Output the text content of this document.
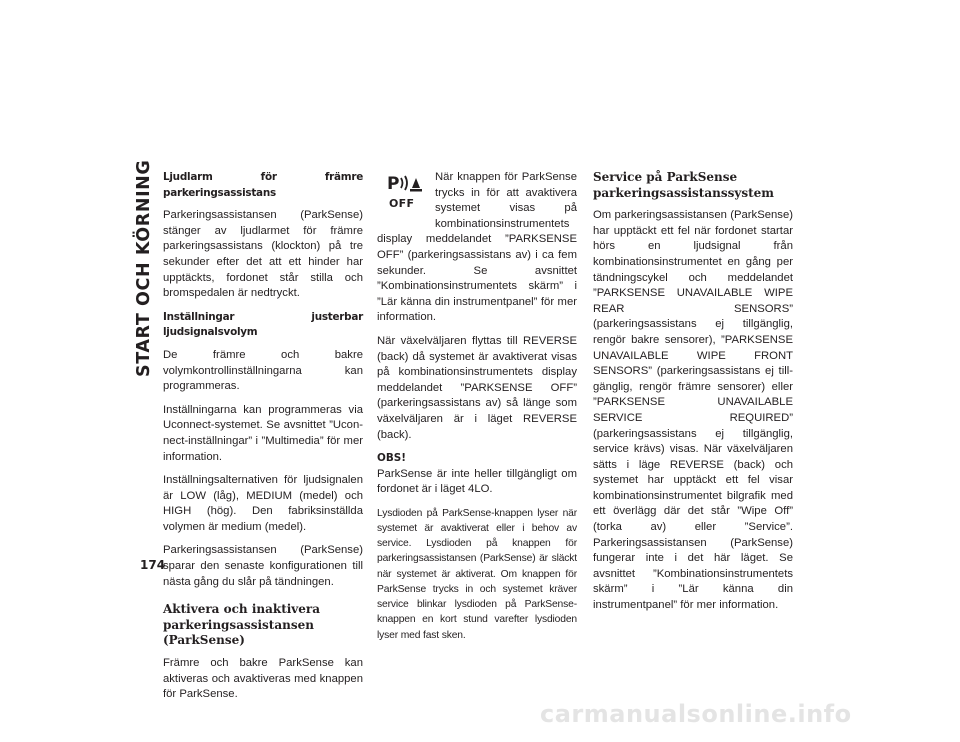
START OCH KÖRNING
174

Ljudlarm för främre parkeringsassistans

Parkeringsassistansen (ParkSense) stänger av ljudlarmet för främre parkeringsassistans (klockton) på tre sekunder efter det att ett hinder har upptäckts, fordonet står stilla och bromspedalen är nedtryckt.

Inställningar justerbar ljudsignalsvolym

De främre och bakre volymkontrollinställningarna kan programmeras.

Inställningarna kan programmeras via Uconnect-systemet. Se avsnittet ”Uconnect-inställningar” i ”Multimedia” för mer information.

Inställningsalternativen för ljudsignalen är LOW (låg), MEDIUM (medel) och HIGH (hög). Den fabriksinställda volymen är medium (medel).

Parkeringsassistansen (ParkSense) sparar den senaste konfigurationen till nästa gång du slår på tändningen.

Aktivera och inaktivera parkeringsassistansen (ParkSense)

Främre och bakre ParkSense kan aktiveras och avaktiveras med knappen för ParkSense.

P
OFF

När knappen för ParkSense trycks in för att avaktivera systemet visas på kombinationsinstrumentets display meddelandet ”PARKSENSE OFF” (parkeringsassistans av) i ca fem sekunder. Se avsnittet ”Kombinationsinstrumentets skärm” i ”Lär känna din instrumentpanel” för mer information.

När växelväljaren flyttas till REVERSE (back) då systemet är avaktiverat visas på kombinationsinstrumentets display meddelandet ”PARKSENSE OFF” (parkeringsassistans av) så länge som växelväljaren är i läget REVERSE (back).

OBS!

ParkSense är inte heller tillgängligt om fordonet är i läget 4LO.

Lysdioden på ParkSense-knappen lyser när systemet är avaktiverat eller i behov av service. Lysdioden på knappen för parkeringsassistansen (ParkSense) är släckt när systemet är aktiverat. Om knappen för ParkSense trycks in och systemet kräver service blinkar lysdioden på ParkSense-knappen en kort stund varefter lysdioden lyser med fast sken.

Service på ParkSense parkeringsassistanssystem

Om parkeringsassistansen (ParkSense) har upptäckt ett fel när fordonet startar hörs en ljudsignal från kombinationsinstrumentet en gång per tändningscykel och meddelandet ”PARKSENSE UNAVAILABLE WIPE REAR SENSORS” (parkeringsassistans ej tillgänglig, rengör bakre sensorer), ”PARKSENSE UNAVAILABLE WIPE FRONT SENSORS” (parkeringsassistans ej tillgänglig, rengör främre sensorer) eller ”PARKSENSE UNAVAILABLE SERVICE REQUIRED” (parkeringsassistans ej tillgänglig, service krävs) visas. När växelväljaren sätts i läge REVERSE (back) och systemet har upptäckt ett fel visar kombinationsinstrumentet bilgrafik med ett överlägg där det står ”Wipe Off” (torka av) eller ”Service”. Parkeringsassistansen (ParkSense) fungerar inte i det här läget. Se avsnittet ”Kombinationsinstrumentets skärm” i ”Lär känna din instrumentpanel” för mer information.

carmanualsonline.info
